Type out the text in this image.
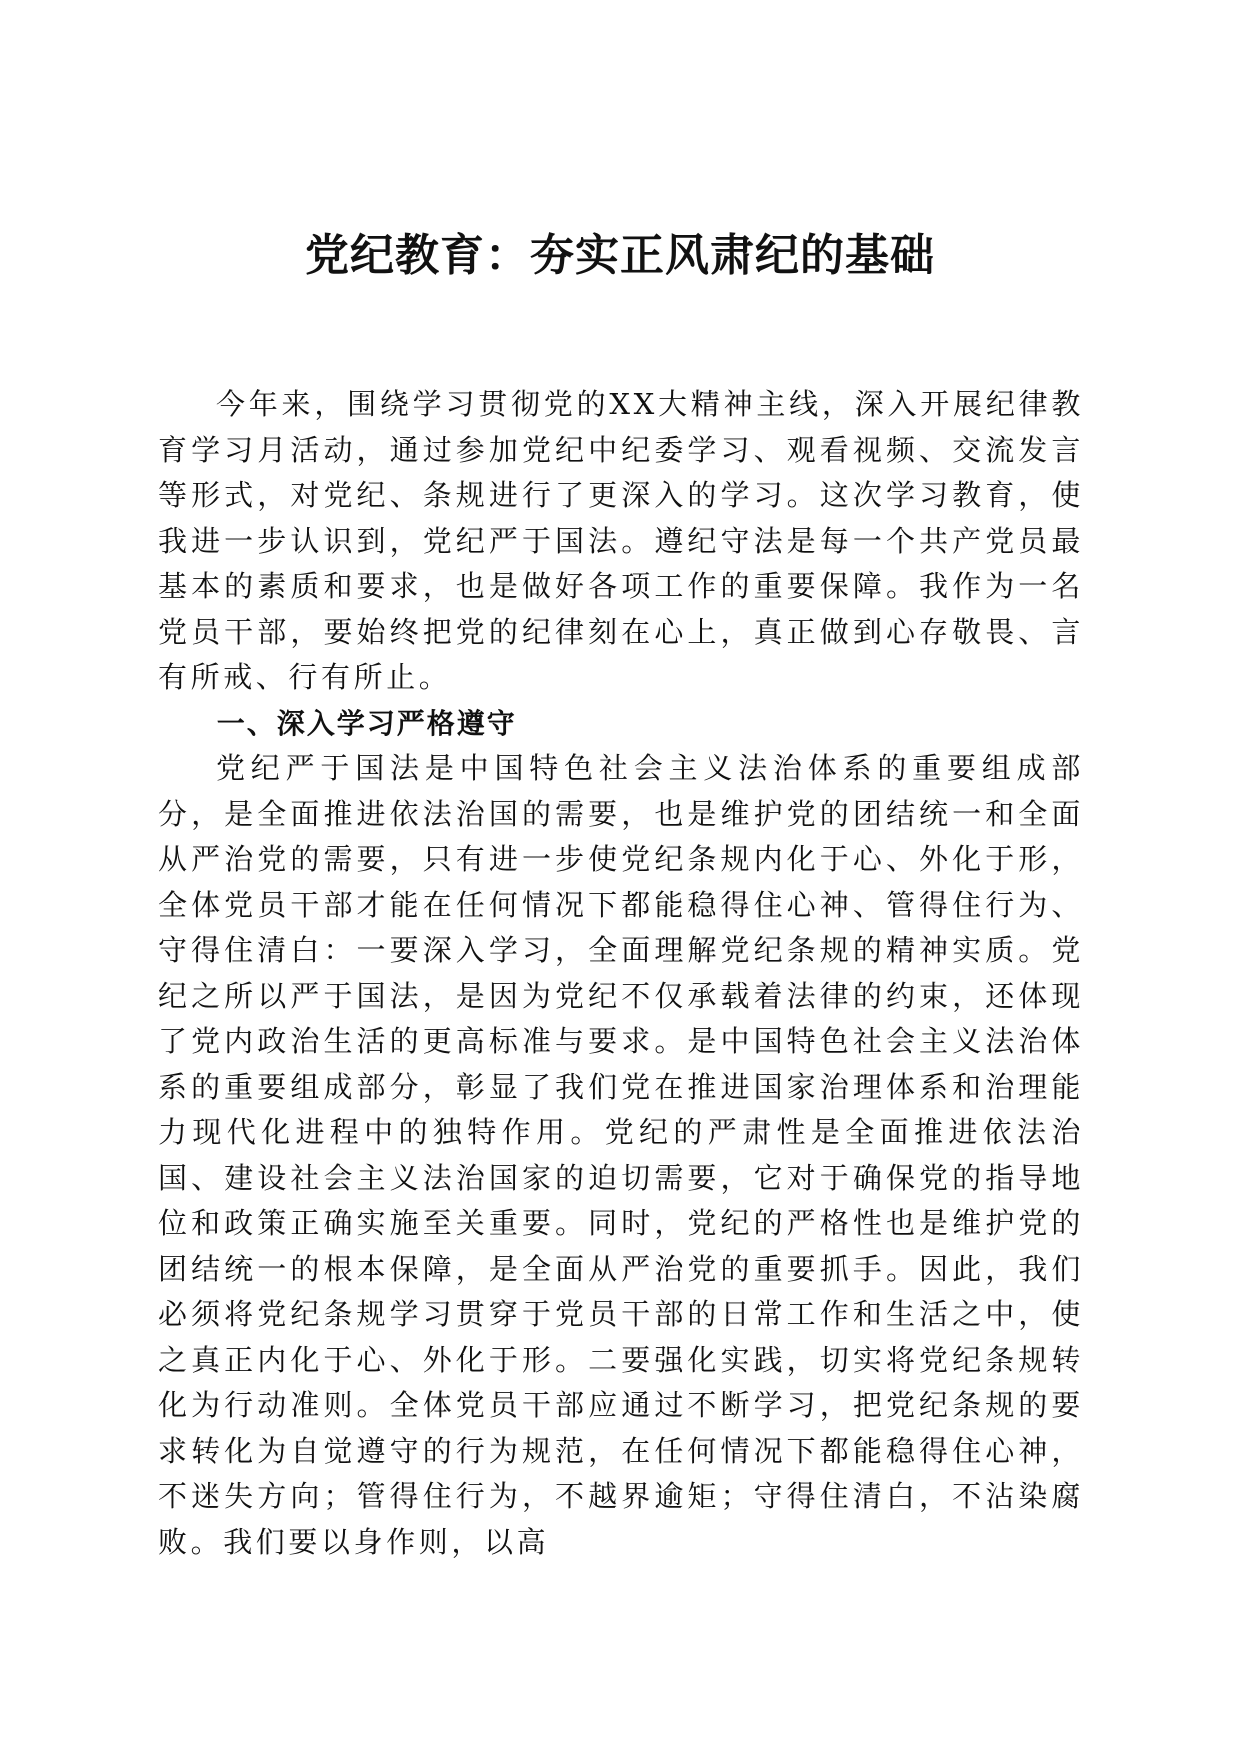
党纪教育：夯实正风肃纪的基础

今年来，围绕学习贯彻党的XX大精神主线，深入开展纪律教育学习月活动，通过参加党纪中纪委学习、观看视频、交流发言等形式，对党纪、条规进行了更深入的学习。这次学习教育，使我进一步认识到，党纪严于国法。遵纪守法是每一个共产党员最基本的素质和要求，也是做好各项工作的重要保障。我作为一名党员干部，要始终把党的纪律刻在心上，真正做到心存敬畏、言有所戒、行有所止。

一、深入学习严格遵守

党纪严于国法是中国特色社会主义法治体系的重要组成部分，是全面推进依法治国的需要，也是维护党的团结统一和全面从严治党的需要，只有进一步使党纪条规内化于心、外化于形，全体党员干部才能在任何情况下都能稳得住心神、管得住行为、守得住清白：一要深入学习，全面理解党纪条规的精神实质。党纪之所以严于国法，是因为党纪不仅承载着法律的约束，还体现了党内政治生活的更高标准与要求。是中国特色社会主义法治体系的重要组成部分，彰显了我们党在推进国家治理体系和治理能力现代化进程中的独特作用。党纪的严肃性是全面推进依法治国、建设社会主义法治国家的迫切需要，它对于确保党的指导地位和政策正确实施至关重要。同时，党纪的严格性也是维护党的团结统一的根本保障，是全面从严治党的重要抓手。因此，我们必须将党纪条规学习贯穿于党员干部的日常工作和生活之中，使之真正内化于心、外化于形。二要强化实践，切实将党纪条规转化为行动准则。全体党员干部应通过不断学习，把党纪条规的要求转化为自觉遵守的行为规范，在任何情况下都能稳得住心神，不迷失方向；管得住行为，不越界逾矩；守得住清白，不沾染腐败。我们要以身作则，以高
